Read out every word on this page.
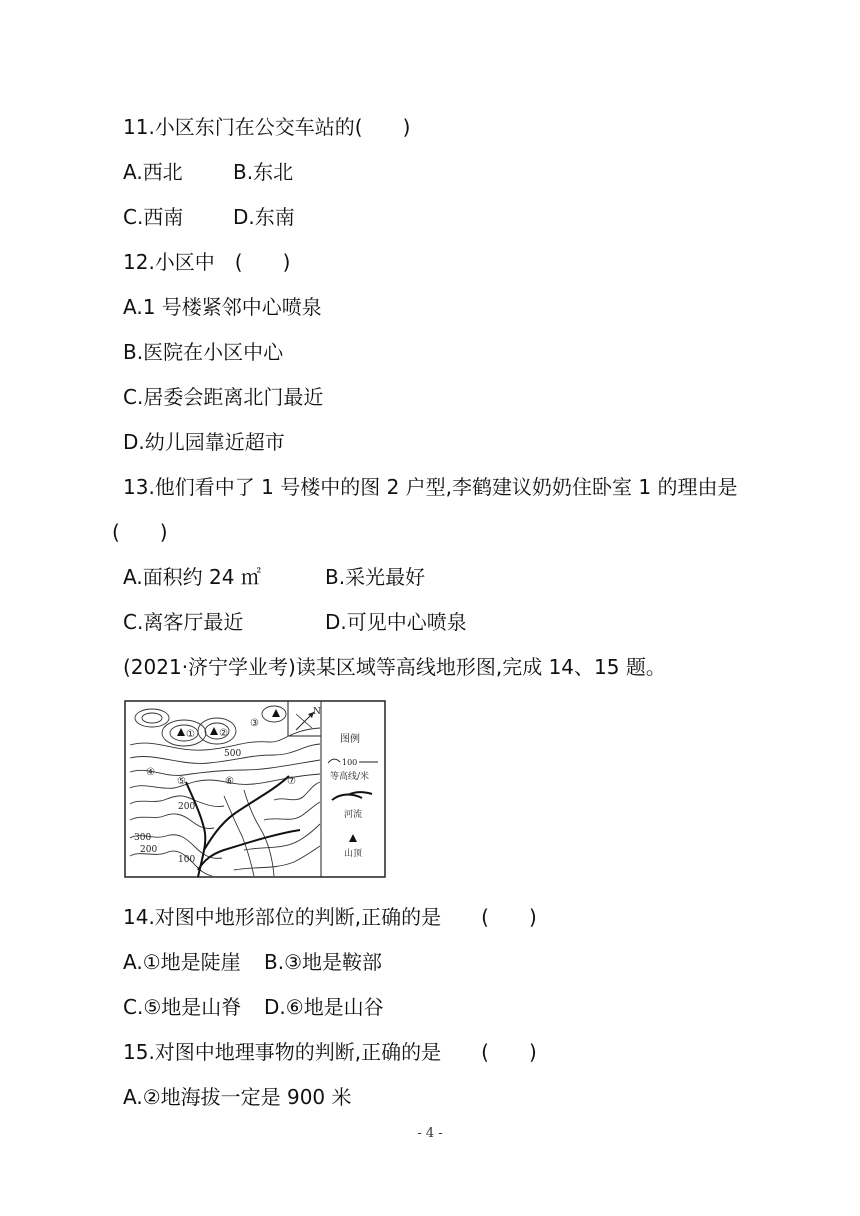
11.小区东门在公交车站的(　　)

A.西北

	B.东北

C.西南

D.东南

12.小区中　(　　)
A.1 号楼紧邻中心喷泉
B.医院在小区中心
C.居委会距离北门最近
D.幼儿园靠近超市
13.他们看中了 1 号楼中的图 2 户型,李鹤建议奶奶住卧室 1 的理由是
(　　)

A.面积约 24 ㎡

	B.采光最好

C.离客厅最近

	D.可见中心喷泉

(2021·济宁学业考)读某区域等高线地形图,完成 14、15 题。
N
① ②
③
④
⑤	⑥	⑦
500
200
300
200
100
图例
100
等高线/米
河流
山顶
14.对图中地形部位的判断,正确的是　　(　　)

A.①地是陡崖

B.③地是鞍部

C.⑤地是山脊

D.⑥地是山谷

15.对图中地理事物的判断,正确的是　　(　　)
A.②地海拔一定是 900 米
- 4 -
